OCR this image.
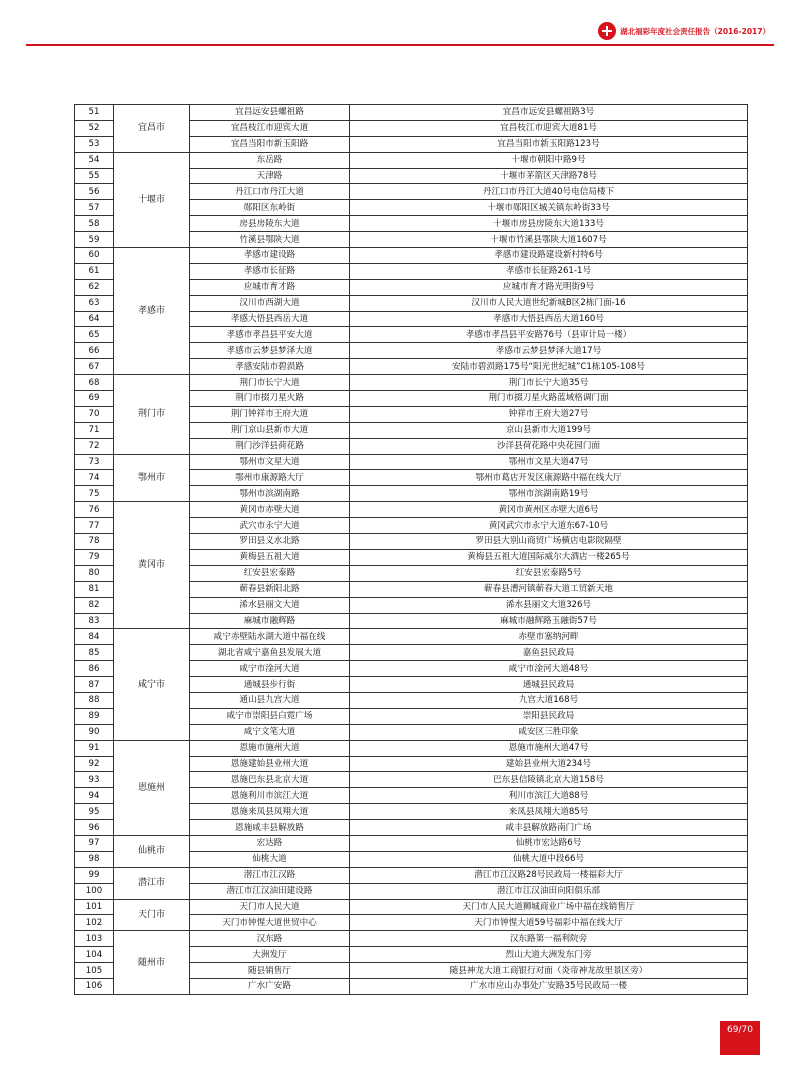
湖北福彩年度社会责任报告（2016-2017）
51	宜昌市	宜昌远安县螺祖路	宜昌市远安县螺祖路3号
52		宜昌枝江市迎宾大道	宜昌枝江市迎宾大道81号
53		宜昌当阳市新玉阳路	宜昌当阳市新玉阳路123号
54	十堰市	东岳路	十堰市朝阳中路9号
55		天津路	十堰市茅箭区天津路78号
56		丹江口市丹江大道	丹江口市丹江大道40号电信局楼下
57		郧阳区东岭街	十堰市郧阳区城关镇东岭街33号
58		房县房陵东大道	十堰市房县房陵东大道133号
59		竹溪县鄂陕大道	十堰市竹溪县鄂陕大道1607号
60	孝感市	孝感市建设路	孝感市建设路建设新村特6号
61		孝感市长征路	孝感市长征路261-1号
62		应城市育才路	应城市育才路光明街9号
63		汉川市西湖大道	汉川市人民大道世纪新城B区2栋门面-16
64		孝感大悟县西岳大道	孝感市大悟县西岳大道160号
65		孝感市孝昌县平安大道	孝感市孝昌县平安路76号（县审计局一楼）
66		孝感市云梦县梦泽大道	孝感市云梦县梦泽大道17号
67		孝感安陆市碧涢路	安陆市碧涢路175号“阳光世纪城”C1栋105-108号
68	荆门市	荆门市长宁大道	荆门市长宁大道35号
69		荆门市掇刀星火路	荆门市掇刀星火路蓝域格调门面
70		荆门钟祥市王府大道	钟祥市王府大道27号
71		荆门京山县新市大道	京山县新市大道199号
72		荆门沙洋县荷花路	沙洋县荷花路中央花园门面
73	鄂州市	鄂州市文星大道	鄂州市文星大道47号
74		鄂州市康源路大厅	鄂州市葛店开发区康源路中福在线大厅
75		鄂州市滨湖南路	鄂州市滨湖南路19号
76	黄冈市	黄冈市赤壁大道	黄冈市黄州区赤壁大道6号
77		武穴市永宁大道	黄冈武穴市永宁大道东67-10号
78		罗田县义水北路	罗田县大别山商贸广场横店电影院隔壁
79		黄梅县五祖大道	黄梅县五祖大道国际威尔大酒店一楼265号
80		红安县宏泰路	红安县宏泰路5号
81		蕲春县新阳北路	蕲春县漕河镇蕲春大道工贸新天地
82		浠水县丽文大道	浠水县丽文大道326号
83		麻城市融辉路	麻城市融辉路玉融街57号
84	咸宁市	咸宁赤壁陆水湖大道中福在线	赤壁市塞纳河畔
85		湖北省咸宁嘉鱼县发展大道	嘉鱼县民政局
86		咸宁市淦河大道	咸宁市淦河大道48号
87		通城县步行街	通城县民政局
88		通山县九宫大道	九宫大道168号
89		咸宁市崇阳县白霓广场	崇阳县民政局
90		咸宁文笔大道	咸安区三胜印象
91	恩施州	恩施市施州大道	恩施市施州大道47号
92		恩施建始县业州大道	建始县业州大道234号
93		恩施巴东县北京大道	巴东县信陵镇北京大道158号
94		恩施利川市滨江大道	利川市滨江大道88号
95		恩施来凤县凤翔大道	来凤县凤翔大道85号
96		恩施咸丰县解放路	咸丰县解放路南门广场
97	仙桃市	宏达路	仙桃市宏达路6号
98		仙桃大道	仙桃大道中段66号
99	潜江市	潜江市江汉路	潜江市江汉路28号民政局一楼福彩大厅
100		潜江市江汉油田建设路	潜江市江汉油田向阳俱乐部
101	天门市	天门市人民大道	天门市人民大道狮城商业广场中福在线销售厅
102		天门市钟惺大道世贸中心	天门市钟惺大道59号福彩中福在线大厅
103	随州市	汉东路	汉东路第一福利院旁
104		大洲发厅	烈山大道大洲发东门旁
105		随县销售厅	随县神龙大道工商银行对面（炎帝神龙故里景区旁）
106		广水广安路	广水市应山办事处广安路35号民政局一楼
69/70
